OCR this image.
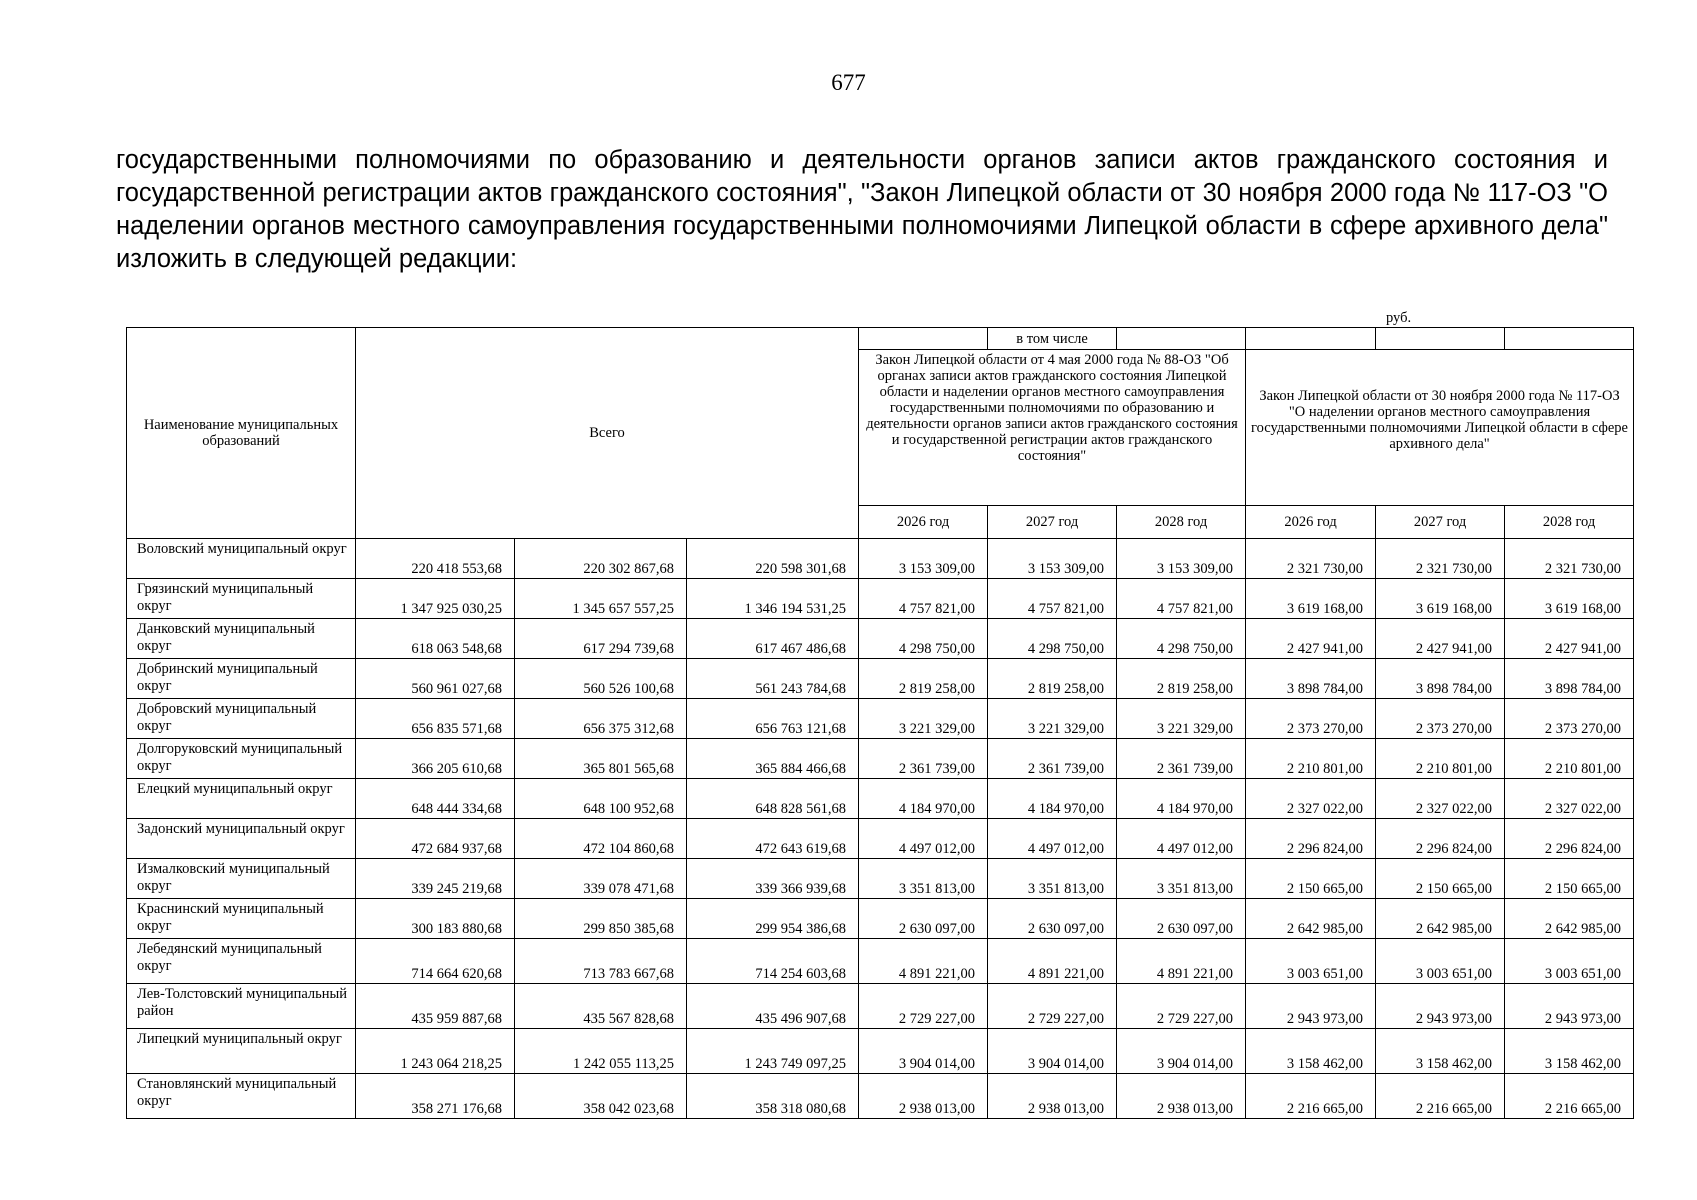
677

государственными полномочиями по образованию и деятельности органов записи актов гражданского состояния и государственной регистрации актов гражданского состояния", "Закон Липецкой области от 30 ноября 2000 года № 117-ОЗ "О наделении органов местного самоуправления государственными полномочиями Липецкой области в сфере архивного дела" изложить в следующей редакции:

руб.
Наименование муниципальных образований	Всего				в том числе					
				Закон Липецкой области от 4 мая 2000 года № 88-ОЗ "Об органах записи актов гражданского состояния Липецкой области и наделении органов местного самоуправления государственными полномочиями по образованию и деятельности органов записи актов гражданского состояния и государственной регистрации актов гражданского состояния"			Закон Липецкой области от 30 ноября 2000 года № 117-ОЗ "О наделении органов местного самоуправления государственными полномочиями Липецкой области в сфере архивного дела"			
				2026 год	2027 год	2028 год	2026 год	2027 год	2028 год			
Воловский муниципальный округ	220 418 553,68	220 302 867,68	220 598 301,68	3 153 309,00	3 153 309,00	3 153 309,00	2 321 730,00	2 321 730,00	2 321 730,00	
Грязинский муниципальный округ	1 347 925 030,25	1 345 657 557,25	1 346 194 531,25	4 757 821,00	4 757 821,00	4 757 821,00	3 619 168,00	3 619 168,00	3 619 168,00	
Данковский муниципальный округ	618 063 548,68	617 294 739,68	617 467 486,68	4 298 750,00	4 298 750,00	4 298 750,00	2 427 941,00	2 427 941,00	2 427 941,00	
Добринский муниципальный округ	560 961 027,68	560 526 100,68	561 243 784,68	2 819 258,00	2 819 258,00	2 819 258,00	3 898 784,00	3 898 784,00	3 898 784,00	
Добровский муниципальный округ	656 835 571,68	656 375 312,68	656 763 121,68	3 221 329,00	3 221 329,00	3 221 329,00	2 373 270,00	2 373 270,00	2 373 270,00	
Долгоруковский муниципальный округ	366 205 610,68	365 801 565,68	365 884 466,68	2 361 739,00	2 361 739,00	2 361 739,00	2 210 801,00	2 210 801,00	2 210 801,00	
Елецкий муниципальный округ	648 444 334,68	648 100 952,68	648 828 561,68	4 184 970,00	4 184 970,00	4 184 970,00	2 327 022,00	2 327 022,00	2 327 022,00	
Задонский муниципальный округ	472 684 937,68	472 104 860,68	472 643 619,68	4 497 012,00	4 497 012,00	4 497 012,00	2 296 824,00	2 296 824,00	2 296 824,00	
Измалковский муниципальный округ	339 245 219,68	339 078 471,68	339 366 939,68	3 351 813,00	3 351 813,00	3 351 813,00	2 150 665,00	2 150 665,00	2 150 665,00	
Краснинский муниципальный округ	300 183 880,68	299 850 385,68	299 954 386,68	2 630 097,00	2 630 097,00	2 630 097,00	2 642 985,00	2 642 985,00	2 642 985,00	
Лебедянский муниципальный округ	714 664 620,68	713 783 667,68	714 254 603,68	4 891 221,00	4 891 221,00	4 891 221,00	3 003 651,00	3 003 651,00	3 003 651,00	
Лев-Толстовский муниципальный район	435 959 887,68	435 567 828,68	435 496 907,68	2 729 227,00	2 729 227,00	2 729 227,00	2 943 973,00	2 943 973,00	2 943 973,00	
Липецкий муниципальный округ	1 243 064 218,25	1 242 055 113,25	1 243 749 097,25	3 904 014,00	3 904 014,00	3 904 014,00	3 158 462,00	3 158 462,00	3 158 462,00	
Становлянский муниципальный округ	358 271 176,68	358 042 023,68	358 318 080,68	2 938 013,00	2 938 013,00	2 938 013,00	2 216 665,00	2 216 665,00	2 216 665,00	
